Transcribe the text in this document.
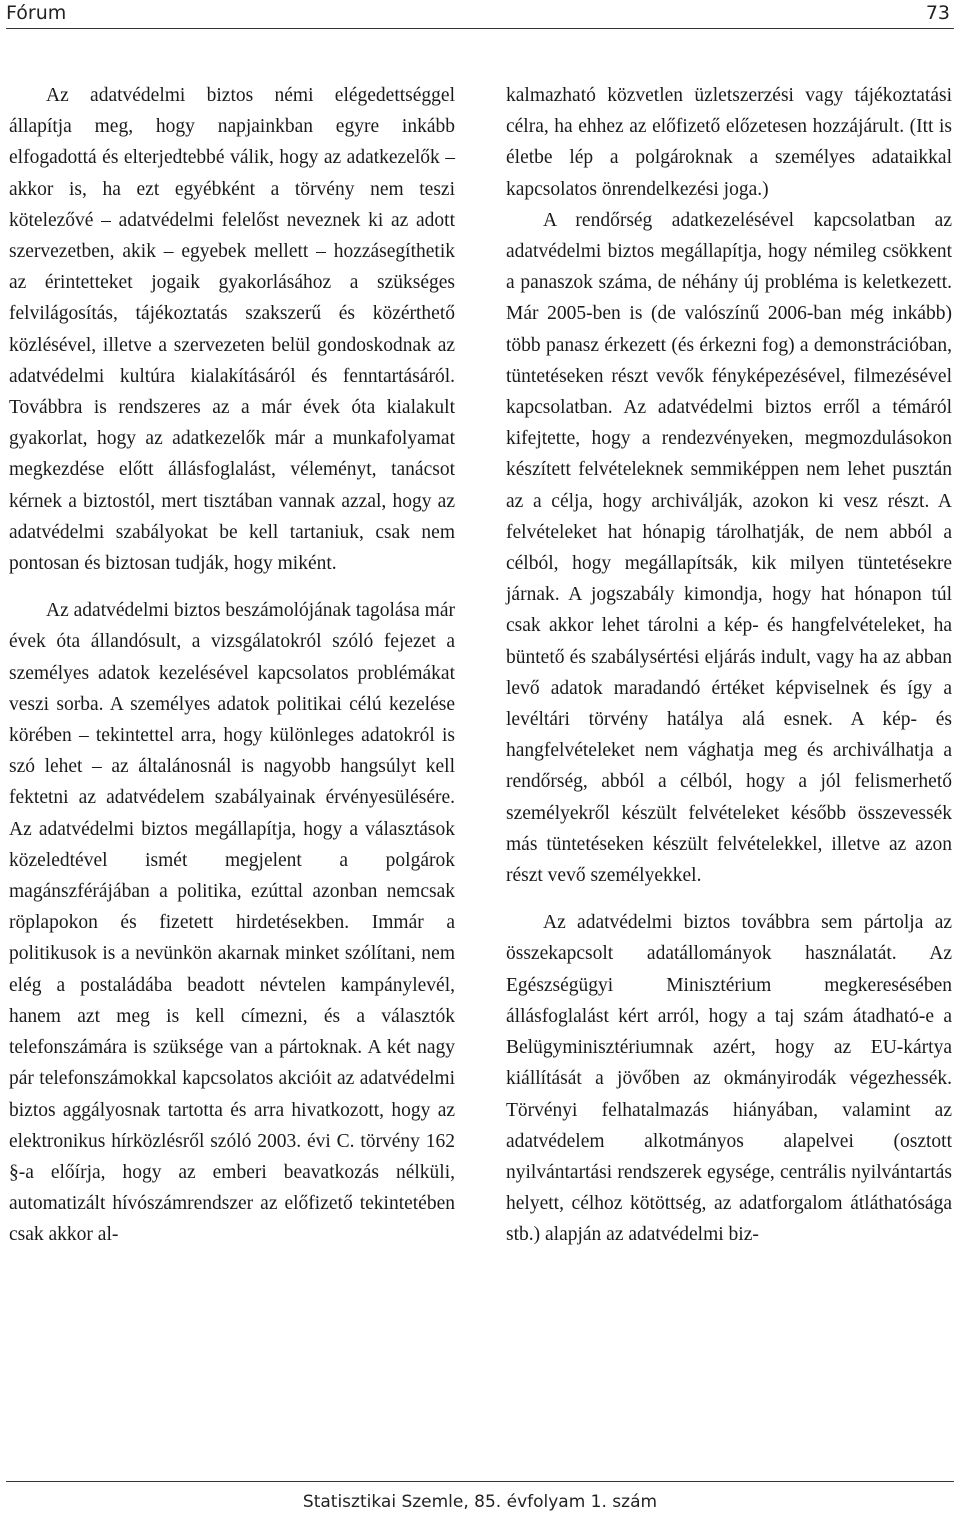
Fórum	73

Az adatvédelmi biztos némi elégedettséggel állapítja meg, hogy napjainkban egyre inkább elfogadottá és elterjedtebbé válik, hogy az adatkezelők – akkor is, ha ezt egyébként a törvény nem teszi kötelezővé – adatvédelmi felelőst neveznek ki az adott szervezetben, akik – egyebek mellett – hozzásegíthetik az érintetteket jogaik gyakorlásához a szükséges felvilágosítás, tájékoztatás szakszerű és közérthető közlésével, illetve a szervezeten belül gondoskodnak az adatvédelmi kultúra kialakításáról és fenntartásáról. Továbbra is rendszeres az a már évek óta kialakult gyakorlat, hogy az adatkezelők már a munkafolyamat megkezdése előtt állásfoglalást, véleményt, tanácsot kérnek a biztostól, mert tisztában vannak azzal, hogy az adatvédelmi szabályokat be kell tartaniuk, csak nem pontosan és biztosan tudják, hogy miként.

Az adatvédelmi biztos beszámolójának tagolása már évek óta állandósult, a vizsgálatokról szóló fejezet a személyes adatok kezelésével kapcsolatos problémákat veszi sorba. A személyes adatok politikai célú kezelése körében – tekintettel arra, hogy különleges adatokról is szó lehet – az általánosnál is nagyobb hangsúlyt kell fektetni az adatvédelem szabályainak érvényesülésére. Az adatvédelmi biztos megállapítja, hogy a választások közeledtével ismét megjelent a polgárok magánszférájában a politika, ezúttal azonban nemcsak röplapokon és fizetett hirdetésekben. Immár a politikusok is a nevünkön akarnak minket szólítani, nem elég a postaládába beadott névtelen kampánylevél, hanem azt meg is kell címezni, és a választók telefonszámára is szüksége van a pártoknak. A két nagy pár telefonszámokkal kapcsolatos akcióit az adatvédelmi biztos aggályosnak tartotta és arra hivatkozott, hogy az elektronikus hírközlésről szóló 2003. évi C. törvény 162 §-a előírja, hogy az emberi beavatkozás nélküli, automatizált hívószámrendszer az előfizető tekintetében csak akkor al-

kalmazható közvetlen üzletszerzési vagy tájékoztatási célra, ha ehhez az előfizető előzetesen hozzájárult. (Itt is életbe lép a polgároknak a személyes adataikkal kapcsolatos önrendelkezési joga.)

A rendőrség adatkezelésével kapcsolatban az adatvédelmi biztos megállapítja, hogy némileg csökkent a panaszok száma, de néhány új probléma is keletkezett. Már 2005-ben is (de valószínű 2006-ban még inkább) több panasz érkezett (és érkezni fog) a demonstrációban, tüntetéseken részt vevők fényképezésével, filmezésével kapcsolatban. Az adatvédelmi biztos erről a témáról kifejtette, hogy a rendezvényeken, megmozdulásokon készített felvételeknek semmiképpen nem lehet pusztán az a célja, hogy archiválják, azokon ki vesz részt. A felvételeket hat hónapig tárolhatják, de nem abból a célból, hogy megállapítsák, kik milyen tüntetésekre járnak. A jogszabály kimondja, hogy hat hónapon túl csak akkor lehet tárolni a kép- és hangfelvételeket, ha büntető és szabálysértési eljárás indult, vagy ha az abban levő adatok maradandó értéket képviselnek és így a levéltári törvény hatálya alá esnek. A kép- és hangfelvételeket nem vághatja meg és archiválhatja a rendőrség, abból a célból, hogy a jól felismerhető személyekről készült felvételeket később összevessék más tüntetéseken készült felvételekkel, illetve az azon részt vevő személyekkel.

Az adatvédelmi biztos továbbra sem pártolja az összekapcsolt adatállományok használatát. Az Egészségügyi Minisztérium megkeresésében állásfoglalást kért arról, hogy a taj szám átadható-e a Belügyminisztériumnak azért, hogy az EU-kártya kiállítását a jövőben az okmányirodák végezhessék. Törvényi felhatalmazás hiányában, valamint az adatvédelem alkotmányos alapelvei (osztott nyilvántartási rendszerek egysége, centrális nyilvántartás helyett, célhoz kötöttség, az adatforgalom átláthatósága stb.) alapján az adatvédelmi biz-

Statisztikai Szemle, 85. évfolyam 1. szám
